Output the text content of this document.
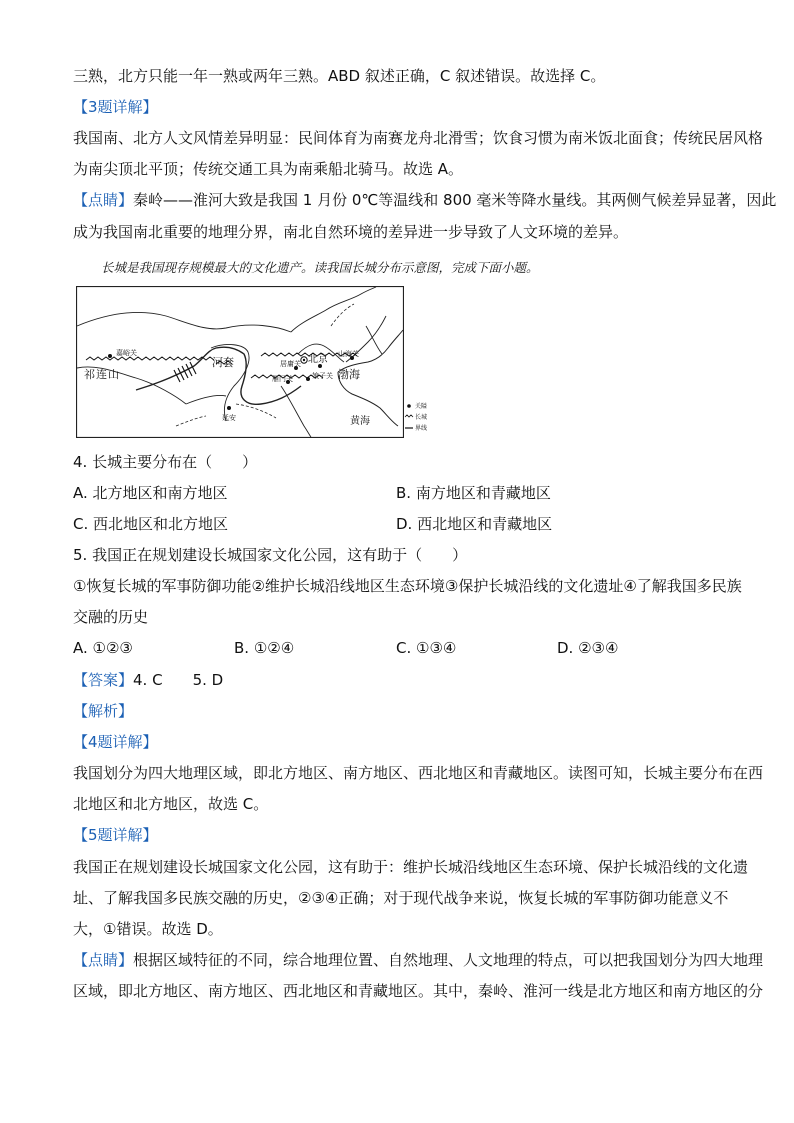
三熟，北方只能一年一熟或两年三熟。ABD 叙述正确，C 叙述错误。故选择 C。
【3题详解】
我国南、北方人文风情差异明显：民间体育为南赛龙舟北滑雪；饮食习惯为南米饭北面食；传统民居风格
为南尖顶北平顶；传统交通工具为南乘船北骑马。故选 A。
【点睛】秦岭——淮河大致是我国 1 月份 0℃等温线和 800 毫米等降水量线。其两侧气候差异显著，因此
成为我国南北重要的地理分界，南北自然环境的差异进一步导致了人文环境的差异。
长城是我国现存规模最大的文化遗产。读我国长城分布示意图，完成下面小题。
嘉峪关
祁连山
河套	北京
居庸关
山海关
雁门关	娘子关 渤海
延安	黄海
关隘
长城
界线
4. 长城主要分布在（　　）
A. 北方地区和南方地区	B. 南方地区和青藏地区
C. 西北地区和北方地区	D. 西北地区和青藏地区
5. 我国正在规划建设长城国家文化公园，这有助于（　　）
①恢复长城的军事防御功能②维护长城沿线地区生态环境③保护长城沿线的文化遗址④了解我国多民族
交融的历史
A. ①②③	B. ①②④	C. ①③④	D. ②③④
【答案】4. C　　5. D
【解析】
【4题详解】
我国划分为四大地理区域，即北方地区、南方地区、西北地区和青藏地区。读图可知，长城主要分布在西
北地区和北方地区，故选 C。
【5题详解】
我国正在规划建设长城国家文化公园，这有助于：维护长城沿线地区生态环境、保护长城沿线的文化遗
址、了解我国多民族交融的历史，②③④正确；对于现代战争来说，恢复长城的军事防御功能意义不
大，①错误。故选 D。
【点睛】根据区域特征的不同，综合地理位置、自然地理、人文地理的特点，可以把我国划分为四大地理
区域，即北方地区、南方地区、西北地区和青藏地区。其中，秦岭、淮河一线是北方地区和南方地区的分
